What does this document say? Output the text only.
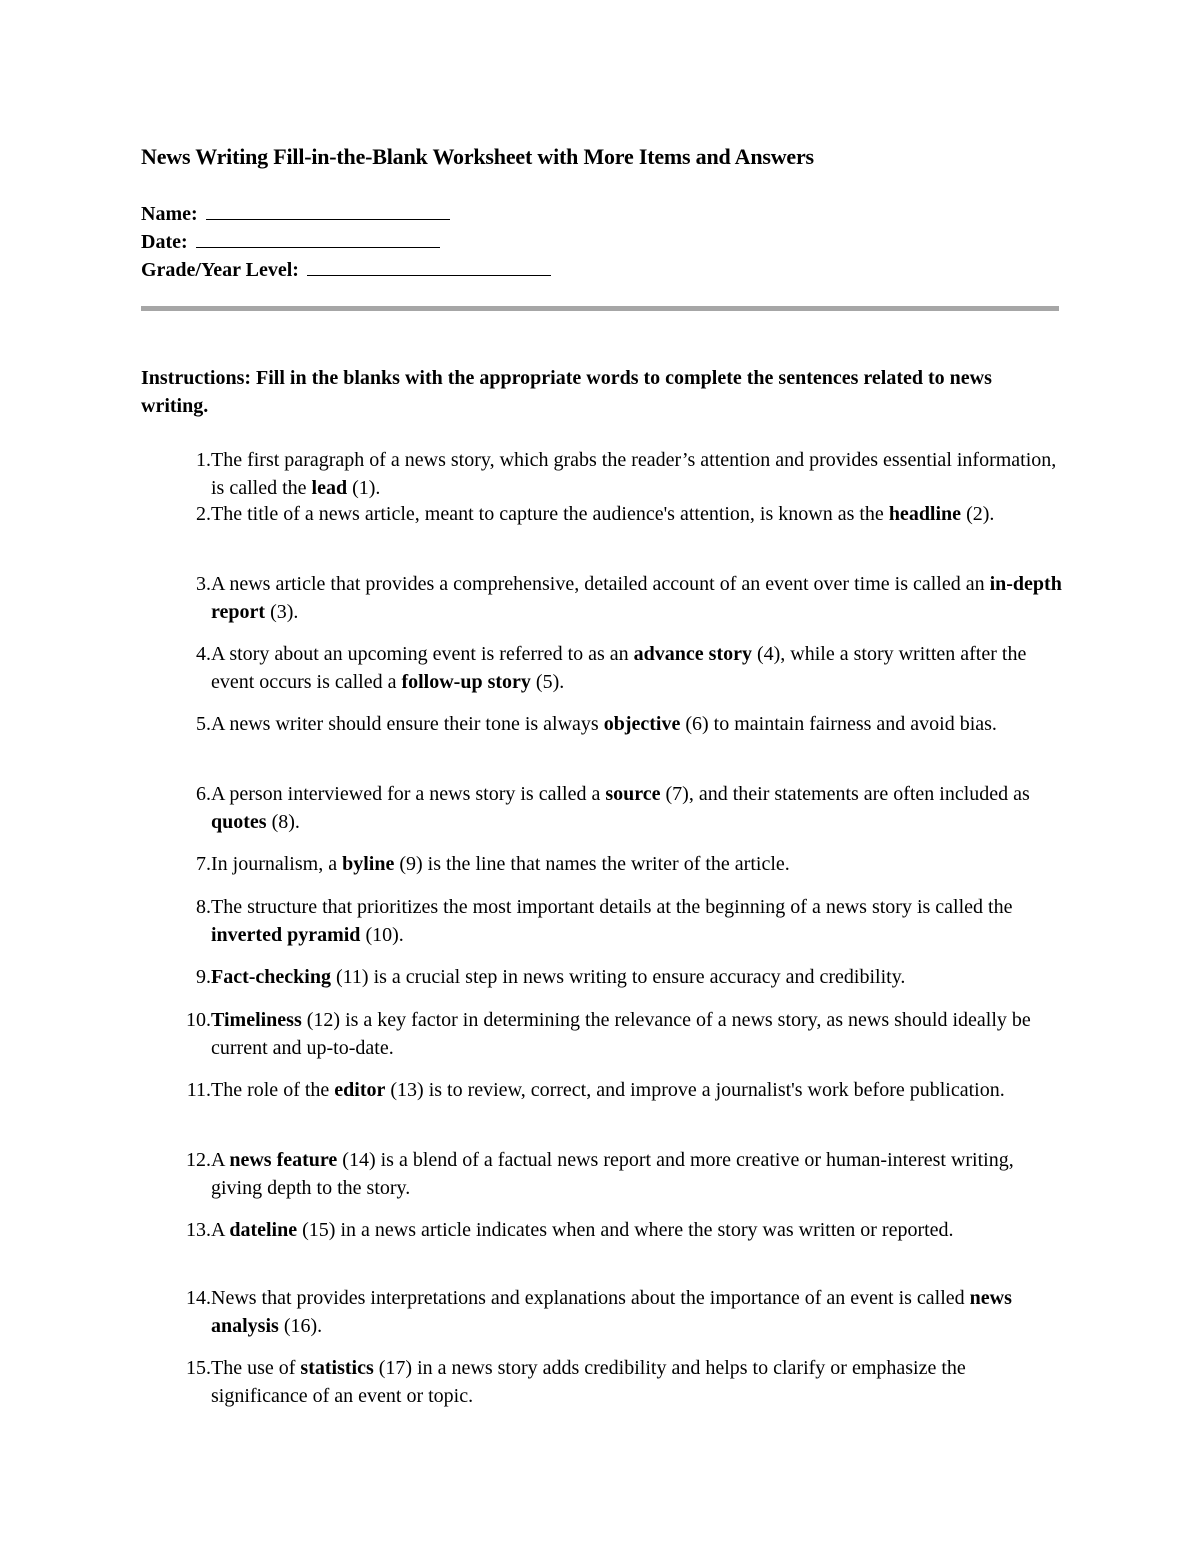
News Writing Fill-in-the-Blank Worksheet with More Items and Answers
Name:
Date:
Grade/Year Level:

Instructions: Fill in the blanks with the appropriate words to complete the sentences related to news writing.

1. The first paragraph of a news story, which grabs the reader’s attention and provides essential information, is called the lead (1).
2. The title of a news article, meant to capture the audience's attention, is known as the headline (2).
3. A news article that provides a comprehensive, detailed account of an event over time is called an in-depth report (3).
4. A story about an upcoming event is referred to as an advance story (4), while a story written after the event occurs is called a follow-up story (5).
5. A news writer should ensure their tone is always objective (6) to maintain fairness and avoid bias.
6. A person interviewed for a news story is called a source (7), and their statements are often included as quotes (8).
7. In journalism, a byline (9) is the line that names the writer of the article.
8. The structure that prioritizes the most important details at the beginning of a news story is called the inverted pyramid (10).
9. Fact-checking (11) is a crucial step in news writing to ensure accuracy and credibility.
10. Timeliness (12) is a key factor in determining the relevance of a news story, as news should ideally be current and up-to-date.
11. The role of the editor (13) is to review, correct, and improve a journalist's work before publication.
12. A news feature (14) is a blend of a factual news report and more creative or human-interest writing, giving depth to the story.
13. A dateline (15) in a news article indicates when and where the story was written or reported.
14. News that provides interpretations and explanations about the importance of an event is called news analysis (16).
15. The use of statistics (17) in a news story adds credibility and helps to clarify or emphasize the significance of an event or topic.
